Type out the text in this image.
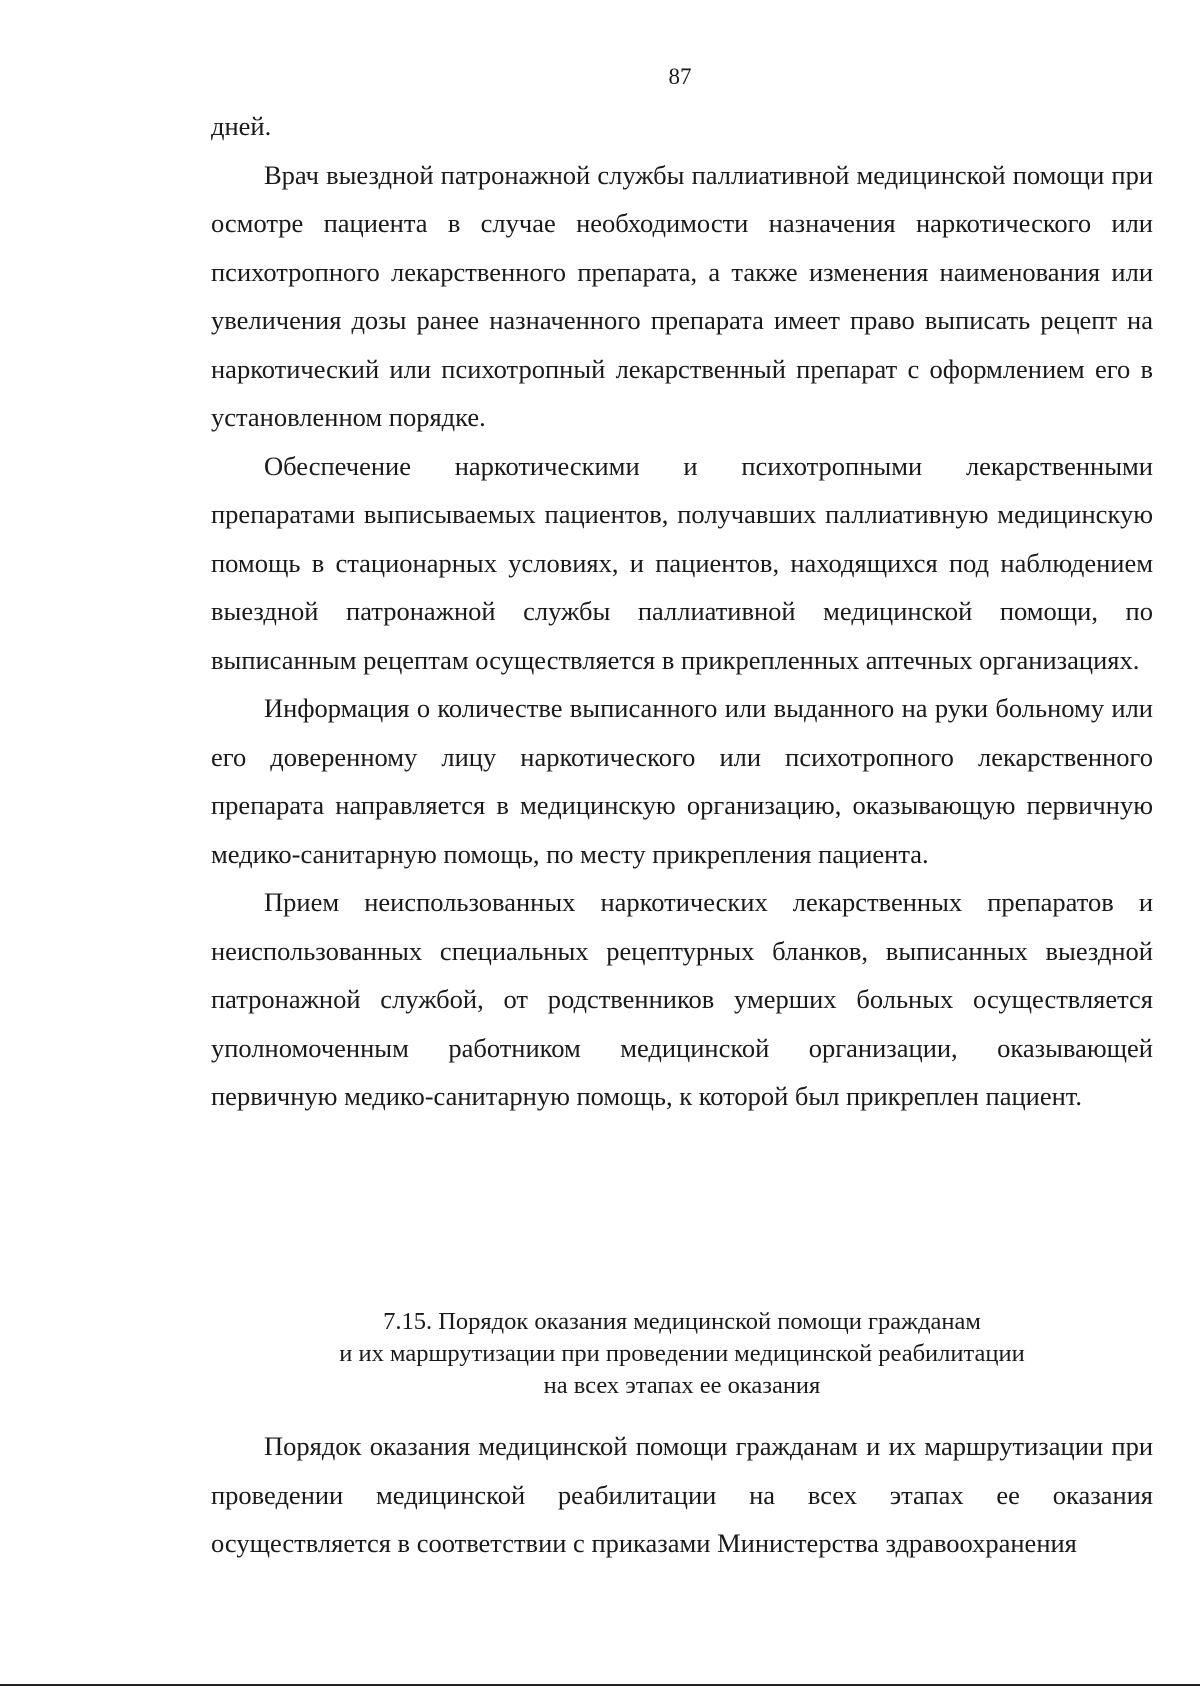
87

дней.

Врач выездной патронажной службы паллиативной медицинской помощи при осмотре пациента в случае необходимости назначения наркотического или психотропного лекарственного препарата, а также изменения наименования или увеличения дозы ранее назначенного препарата имеет право выписать рецепт на наркотический или психотропный лекарственный препарат с оформлением его в установленном порядке.

Обеспечение наркотическими и психотропными лекарственными препаратами выписываемых пациентов, получавших паллиативную медицинскую помощь в стационарных условиях, и пациентов, находящихся под наблюдением выездной патронажной службы паллиативной медицинской помощи, по выписанным рецептам осуществляется в прикрепленных аптечных организациях.

Информация о количестве выписанного или выданного на руки больному или его доверенному лицу наркотического или психотропного лекарственного препарата направляется в медицинскую организацию, оказывающую первичную медико-санитарную помощь, по месту прикрепления пациента.

Прием неиспользованных наркотических лекарственных препаратов и неиспользованных специальных рецептурных бланков, выписанных выездной патронажной службой, от родственников умерших больных осуществляется уполномоченным работником медицинской организации, оказывающей первичную медико-санитарную помощь, к которой был прикреплен пациент.

7.15. Порядок оказания медицинской помощи гражданам
и их маршрутизации при проведении медицинской реабилитации
на всех этапах ее оказания

Порядок оказания медицинской помощи гражданам и их маршрутизации при проведении медицинской реабилитации на всех этапах ее оказания осуществляется в соответствии с приказами Министерства здравоохранения
